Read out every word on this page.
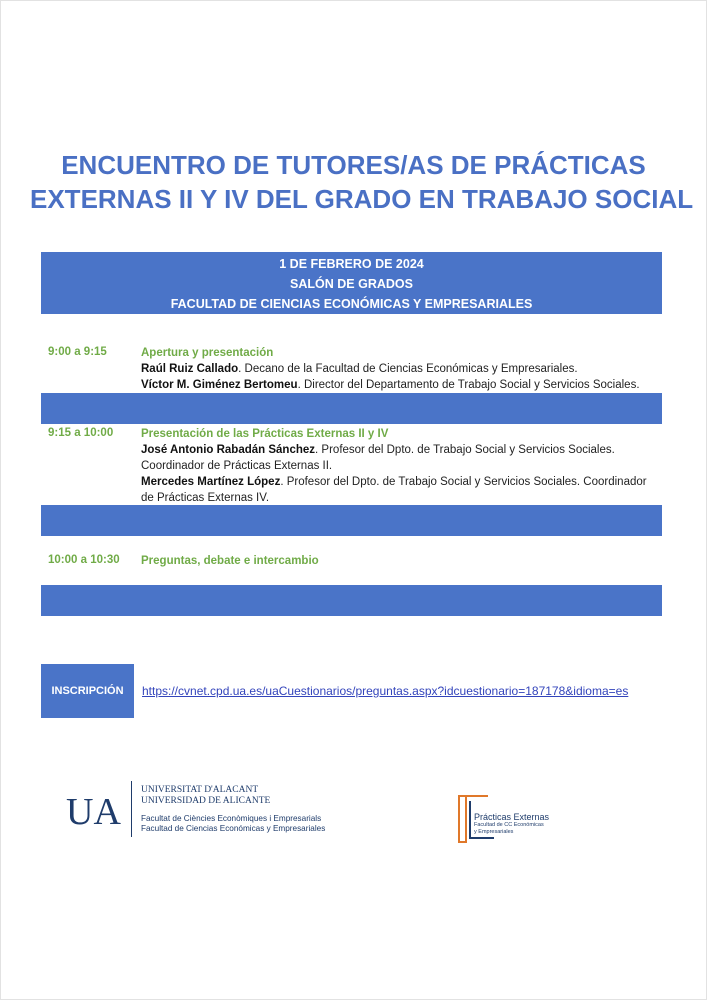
ENCUENTRO DE TUTORES/AS DE PRÁCTICAS
EXTERNAS II Y IV DEL GRADO EN TRABAJO SOCIAL
1 DE FEBRERO DE 2024
SALÓN DE GRADOS
FACULTAD DE CIENCIAS ECONÓMICAS Y EMPRESARIALES
9:00 a 9:15	Apertura y presentación
Raúl Ruiz Callado. Decano de la Facultad de Ciencias Económicas y Empresariales.
Víctor M. Giménez Bertomeu. Director del Departamento de Trabajo Social y Servicios Sociales.
9:15 a 10:00 Presentación de las Prácticas Externas II y IV
José Antonio Rabadán Sánchez. Profesor del Dpto. de Trabajo Social y Servicios Sociales. Coordinador de Prácticas Externas II.
Mercedes Martínez López. Profesor del Dpto. de Trabajo Social y Servicios Sociales. Coordinador de Prácticas Externas IV.
10:00 a 10:30 Preguntas, debate e intercambio
INSCRIPCIÓN	https://cvnet.cpd.ua.es/uaCuestionarios/preguntas.aspx?idcuestionario=187178&idioma=es
UA
UNIVERSITAT D'ALACANT
UNIVERSIDAD DE ALICANTE
Facultat de Ciències Econòmiques i Empresarials
Facultad de Ciencias Económicas y Empresariales
Prácticas Externas
Facultad de CC Económicas
y Empresariales
